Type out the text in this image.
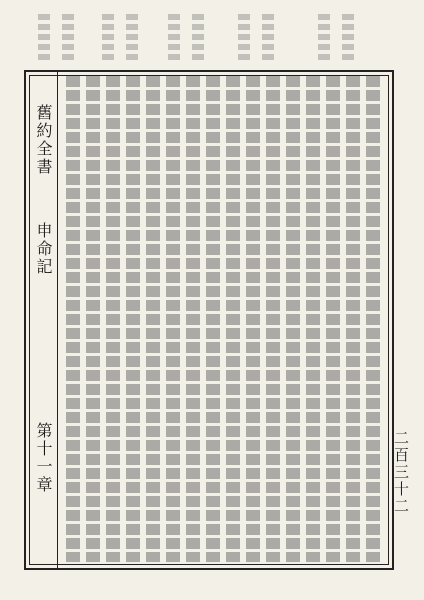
舊約全書
申命記
第十一章	二百三十二
